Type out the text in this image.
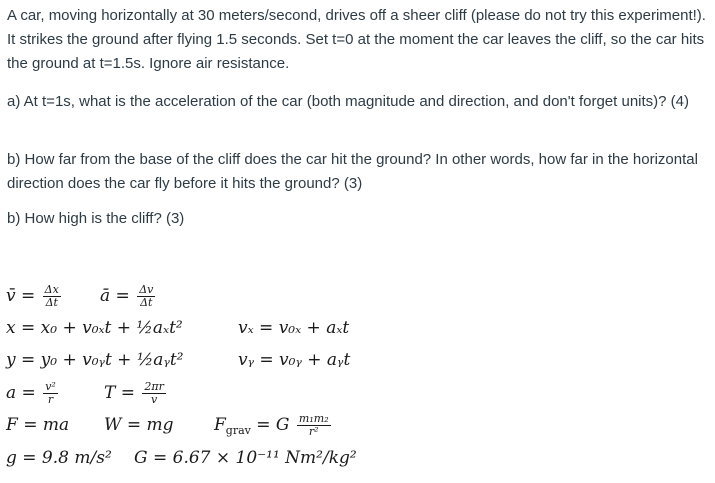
A car, moving horizontally at 30 meters/second, drives off a sheer cliff (please do not try this experiment!). It strikes the ground after flying 1.5 seconds. Set t=0 at the moment the car leaves the cliff, so the car hits the ground at t=1.5s. Ignore air resistance.

a) At t=1s, what is the acceleration of the car (both magnitude and direction, and don't forget units)? (4)

b) How far from the base of the cliff does the car hit the ground? In other words, how far in the horizontal direction does the car fly before it hits the ground? (3)

b) How high is the cliff? (3)

v̄ = $\frac{\Delta x}{\Delta t}$ ā = $\frac{\Delta v}{\Delta t}$
x = x₀ + v₀ₓt + ½aₓt²	vₓ = v₀ₓ + aₓt
y = y₀ + v₀ᵧt + ½aᵧt²	vᵧ = v₀ᵧ + aᵧt
$a = \frac{\text{v²}}{r}$	$T = \frac{2\pi r}{v}$
F = ma W = mg $F_{grav} = G \frac{\text{m₁m₂}}{\text{r²}}$
g = 9.8 m/s² G = 6.67 × 10⁻¹¹ Nm²/kg²
